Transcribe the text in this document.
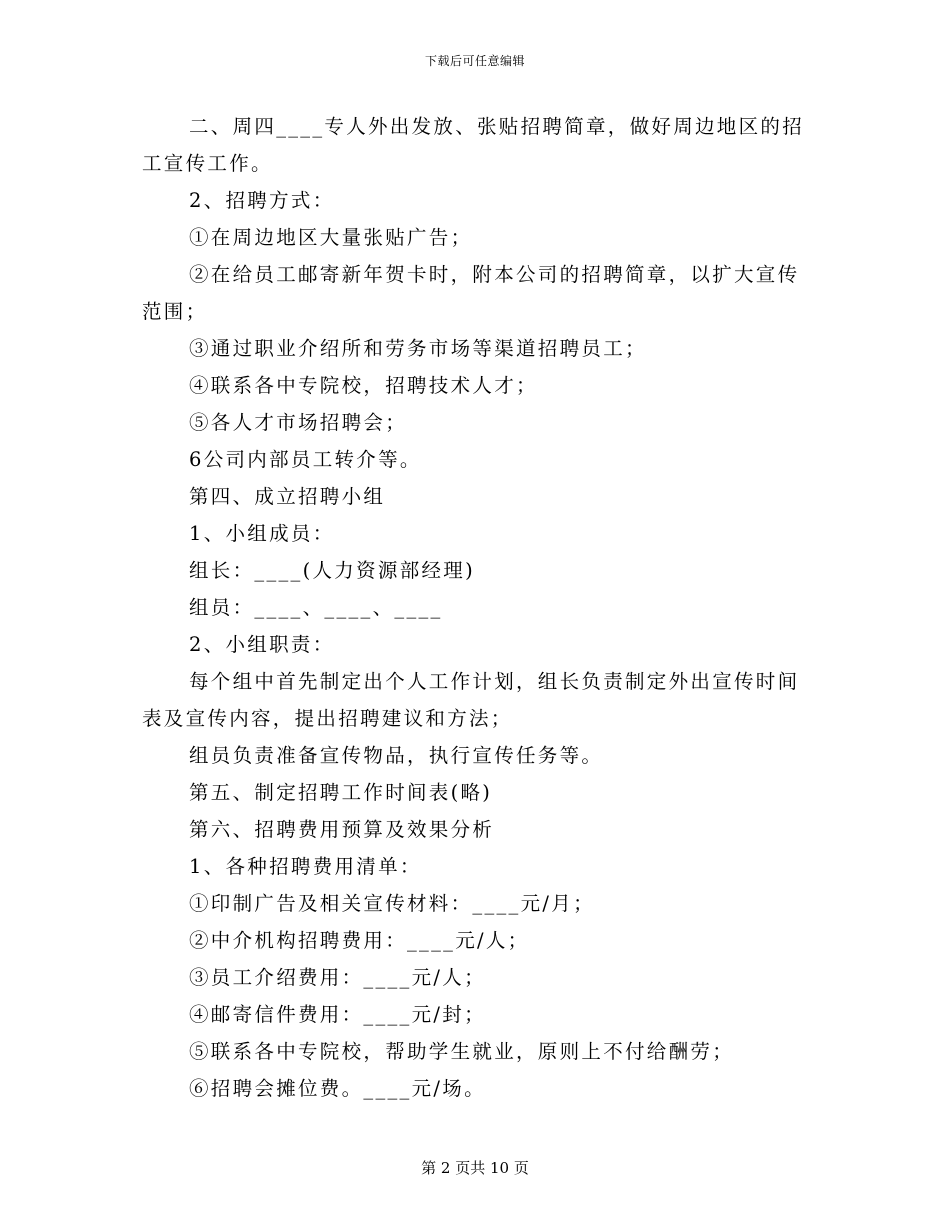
下载后可任意编辑

二、周四____专人外出发放、张贴招聘简章，做好周边地区的招工宣传工作。

2、招聘方式：

①在周边地区大量张贴广告；

②在给员工邮寄新年贺卡时，附本公司的招聘简章，以扩大宣传范围；

③通过职业介绍所和劳务市场等渠道招聘员工；

④联系各中专院校，招聘技术人才；

⑤各人才市场招聘会；

6公司内部员工转介等。

第四、成立招聘小组

1、小组成员：

组长：____(人力资源部经理)

组员：____、____、____

2、小组职责：

每个组中首先制定出个人工作计划，组长负责制定外出宣传时间表及宣传内容，提出招聘建议和方法；

组员负责准备宣传物品，执行宣传任务等。

第五、制定招聘工作时间表(略)

第六、招聘费用预算及效果分析

1、各种招聘费用清单：

①印制广告及相关宣传材料：____元/月；

②中介机构招聘费用：____元/人；

③员工介绍费用：____元/人；

④邮寄信件费用：____元/封；

⑤联系各中专院校，帮助学生就业，原则上不付给酬劳；

⑥招聘会摊位费。____元/场。

第 2 页共 10 页
